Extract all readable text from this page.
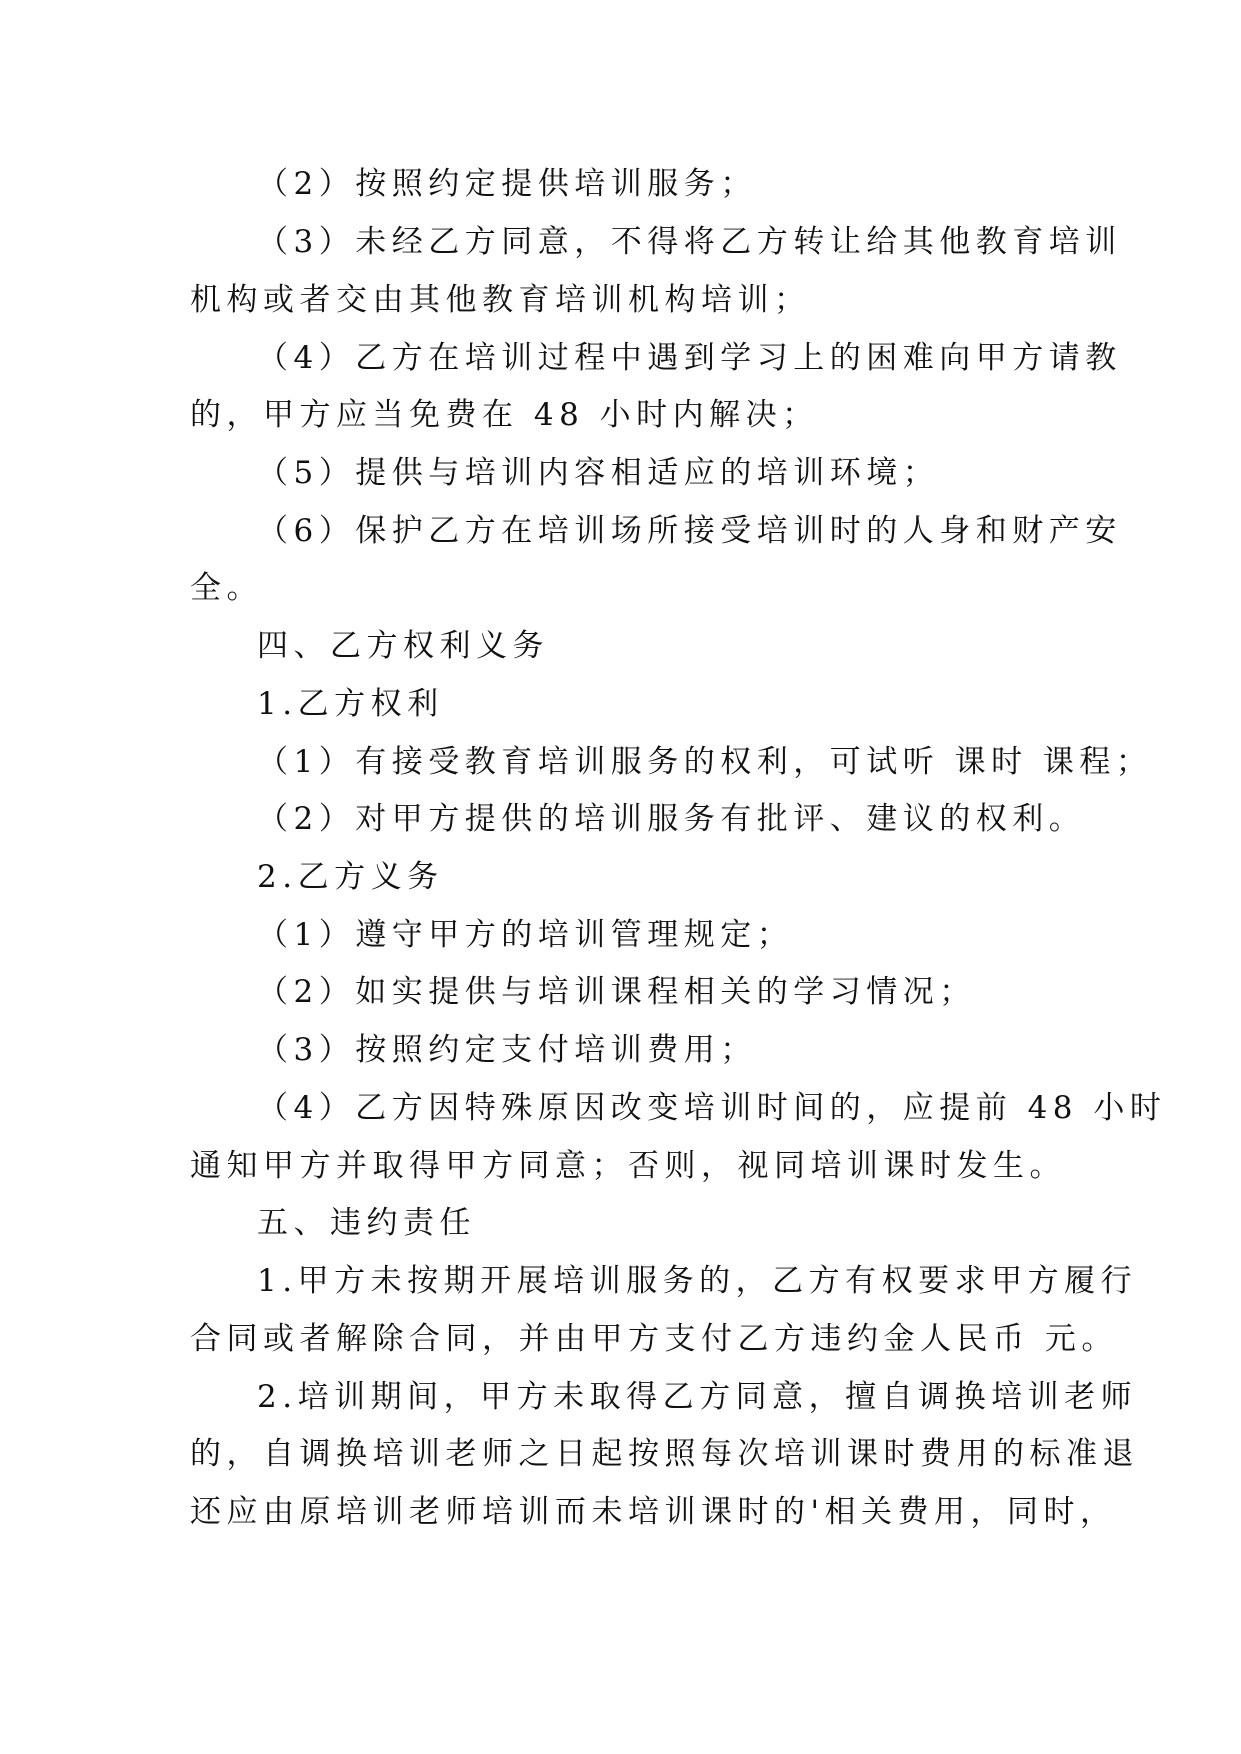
（2）按照约定提供培训服务；
（3）未经乙方同意，不得将乙方转让给其他教育培训
机构或者交由其他教育培训机构培训；
（4）乙方在培训过程中遇到学习上的困难向甲方请教
的，甲方应当免费在 48 小时内解决；
（5）提供与培训内容相适应的培训环境；
（6）保护乙方在培训场所接受培训时的人身和财产安
全。
四、乙方权利义务
1.乙方权利
（1）有接受教育培训服务的权利，可试听 课时 课程；
（2）对甲方提供的培训服务有批评、建议的权利。
2.乙方义务
（1）遵守甲方的培训管理规定；
（2）如实提供与培训课程相关的学习情况；
（3）按照约定支付培训费用；
（4）乙方因特殊原因改变培训时间的，应提前 48 小时
通知甲方并取得甲方同意；否则，视同培训课时发生。
五、违约责任
1.甲方未按期开展培训服务的，乙方有权要求甲方履行
合同或者解除合同，并由甲方支付乙方违约金人民币 元。
2.培训期间，甲方未取得乙方同意，擅自调换培训老师
的，自调换培训老师之日起按照每次培训课时费用的标准退
还应由原培训老师培训而未培训课时的'相关费用，同时，
